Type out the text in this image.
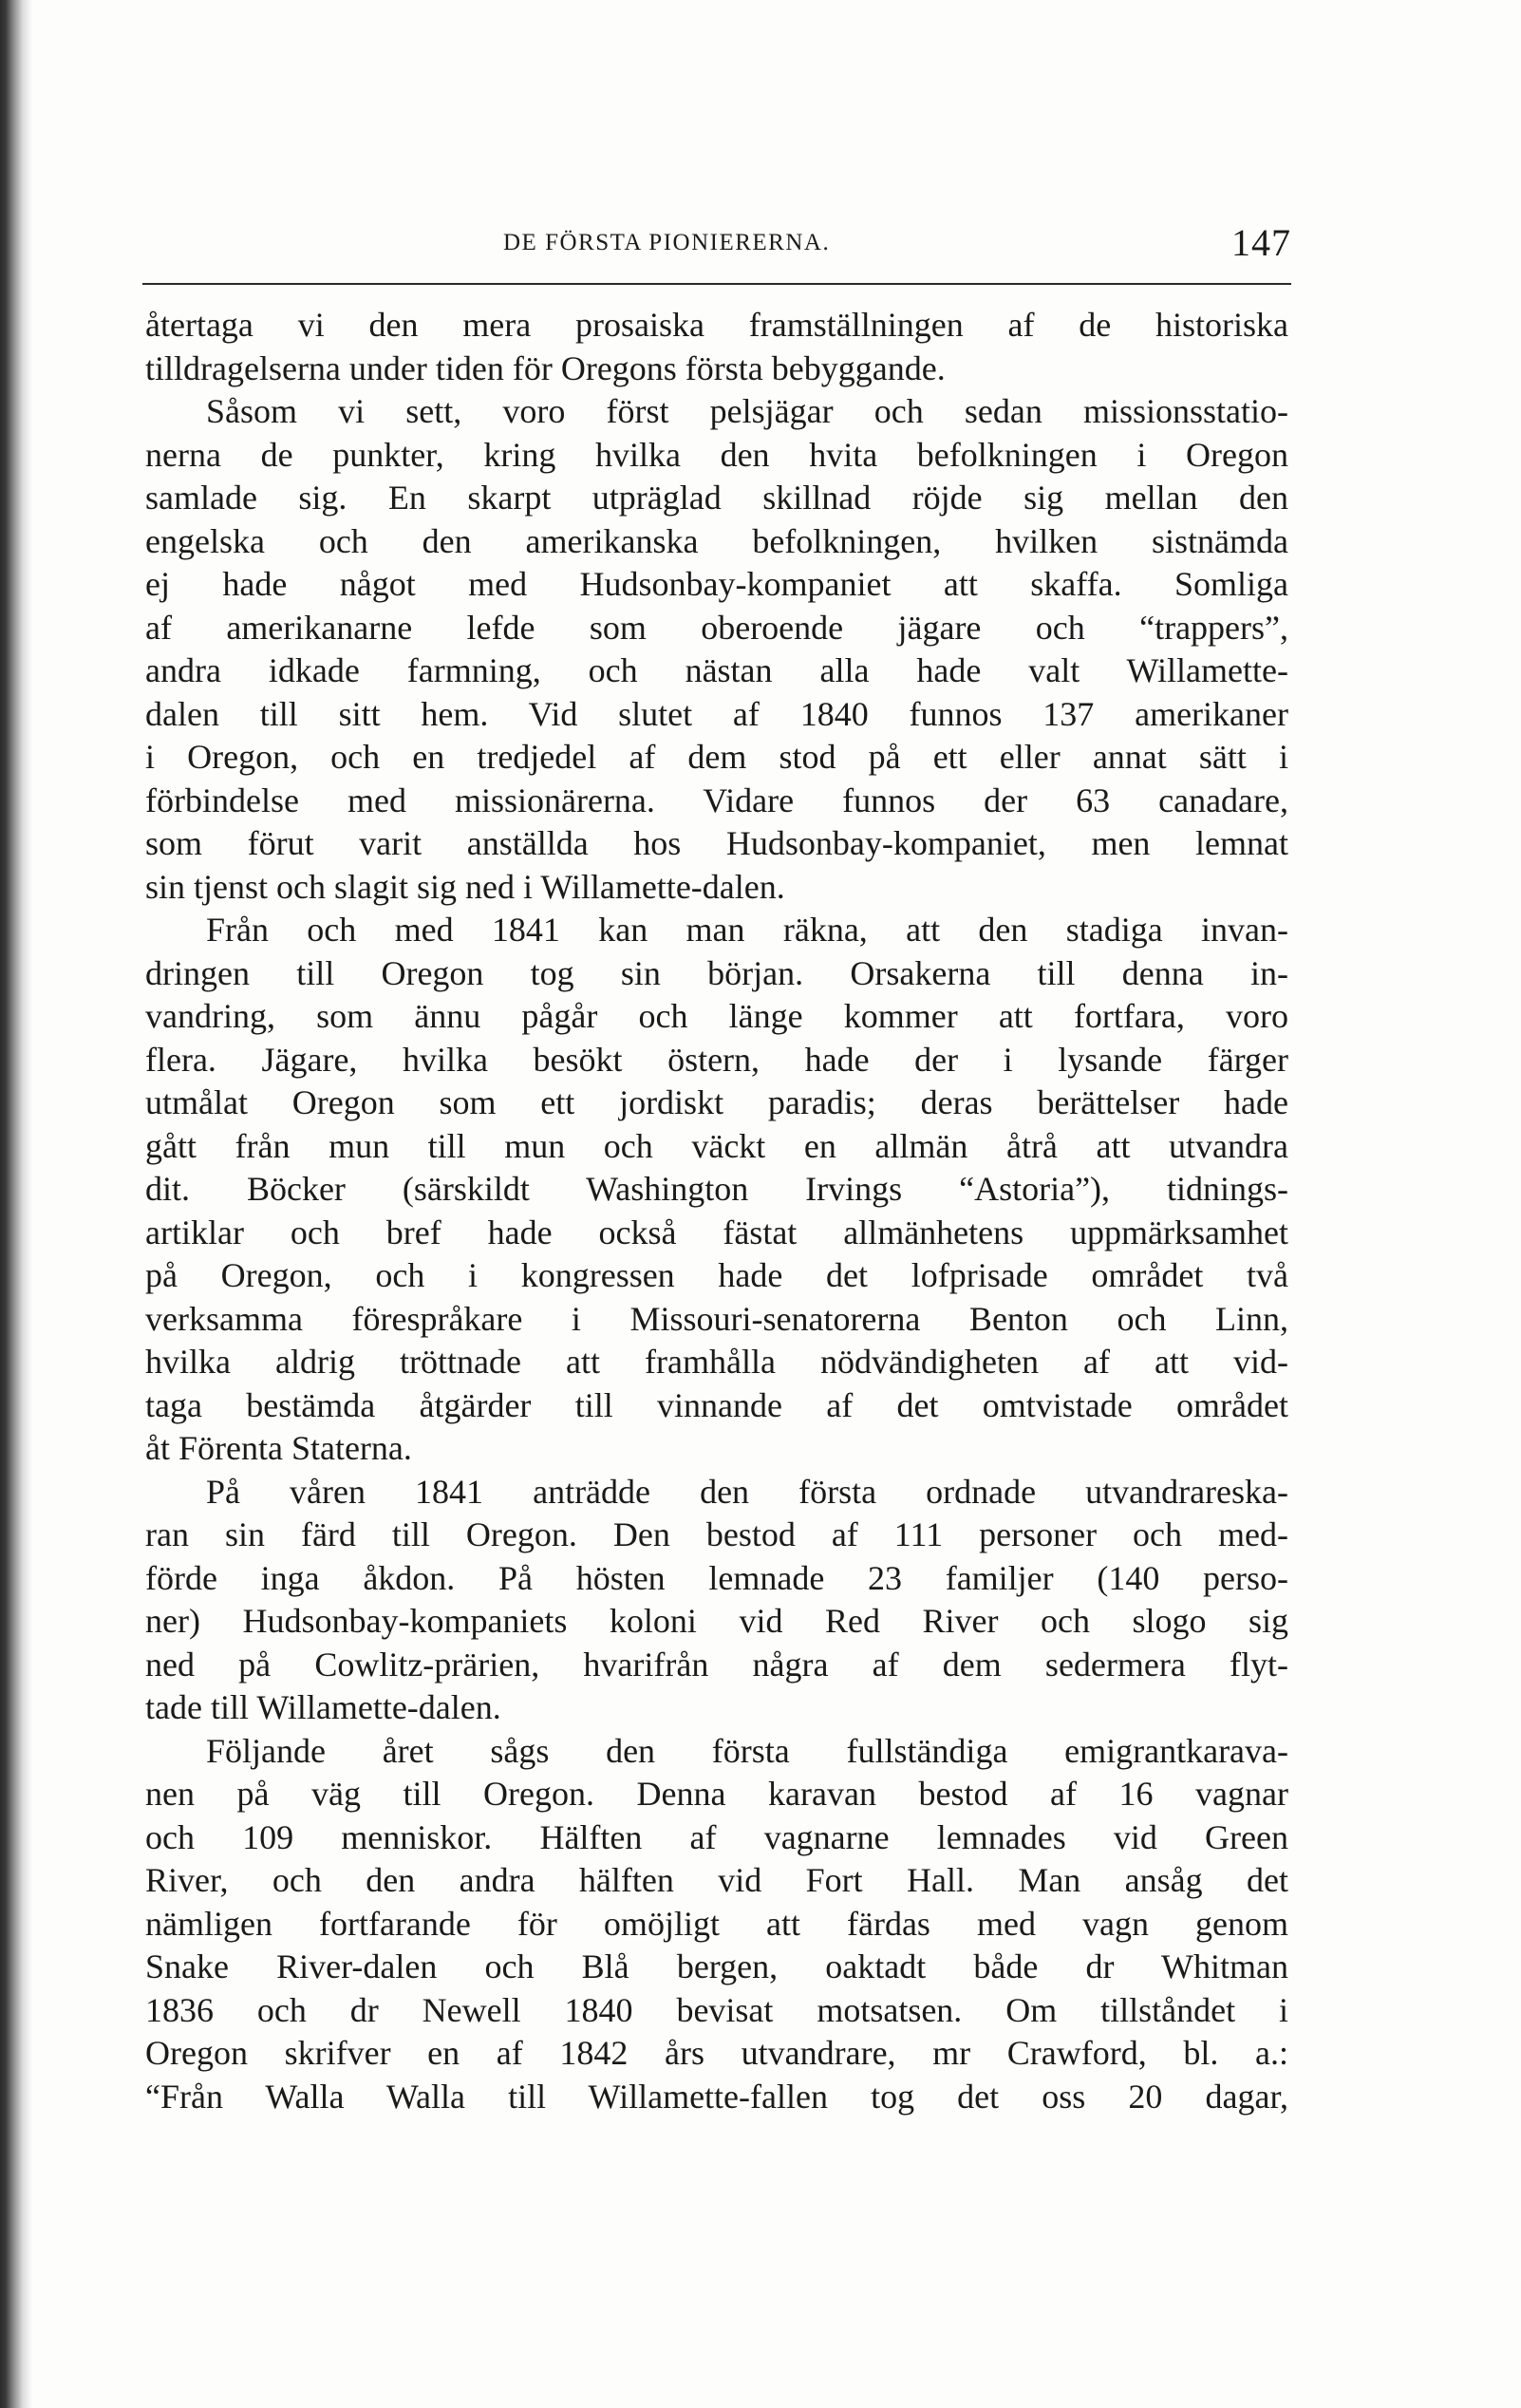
DE FÖRSTA PIONIERERNA.	147
återtaga vi den mera prosaiska framställningen af de historiska
tilldragelserna under tiden för Oregons första bebyggande.
Såsom vi sett, voro först pelsjägar och sedan missionsstatio-
nerna de punkter, kring hvilka den hvita befolkningen i Oregon
samlade sig. En skarpt utpräglad skillnad röjde sig mellan den
engelska och den amerikanska befolkningen, hvilken sistnämda
ej hade något med Hudsonbay-kompaniet att skaffa. Somliga
af amerikanarne lefde som oberoende jägare och “trappers”,
andra idkade farmning, och nästan alla hade valt Willamette-
dalen till sitt hem. Vid slutet af 1840 funnos 137 amerikaner
i Oregon, och en tredjedel af dem stod på ett eller annat sätt i
förbindelse med missionärerna. Vidare funnos der 63 canadare,
som förut varit anställda hos Hudsonbay-kompaniet, men lemnat
sin tjenst och slagit sig ned i Willamette-dalen.
Från och med 1841 kan man räkna, att den stadiga invan-
dringen till Oregon tog sin början. Orsakerna till denna in-
vandring, som ännu pågår och länge kommer att fortfara, voro
flera. Jägare, hvilka besökt östern, hade der i lysande färger
utmålat Oregon som ett jordiskt paradis; deras berättelser hade
gått från mun till mun och väckt en allmän åtrå att utvandra
dit. Böcker (särskildt Washington Irvings “Astoria”), tidnings-
artiklar och bref hade också fästat allmänhetens uppmärksamhet
på Oregon, och i kongressen hade det lofprisade området två
verksamma förespråkare i Missouri-senatorerna Benton och Linn,
hvilka aldrig tröttnade att framhålla nödvändigheten af att vid-
taga bestämda åtgärder till vinnande af det omtvistade området
åt Förenta Staterna.
På våren 1841 anträdde den första ordnade utvandrareska-
ran sin färd till Oregon. Den bestod af 111 personer och med-
förde inga åkdon. På hösten lemnade 23 familjer (140 perso-
ner) Hudsonbay-kompaniets koloni vid Red River och slogo sig
ned på Cowlitz-prärien, hvarifrån några af dem sedermera flyt-
tade till Willamette-dalen.
Följande året sågs den första fullständiga emigrantkarava-
nen på väg till Oregon. Denna karavan bestod af 16 vagnar
och 109 menniskor. Hälften af vagnarne lemnades vid Green
River, och den andra hälften vid Fort Hall. Man ansåg det
nämligen fortfarande för omöjligt att färdas med vagn genom
Snake River-dalen och Blå bergen, oaktadt både dr Whitman
1836 och dr Newell 1840 bevisat motsatsen. Om tillståndet i
Oregon skrifver en af 1842 års utvandrare, mr Crawford, bl. a.:
“Från Walla Walla till Willamette-fallen tog det oss 20 dagar,
